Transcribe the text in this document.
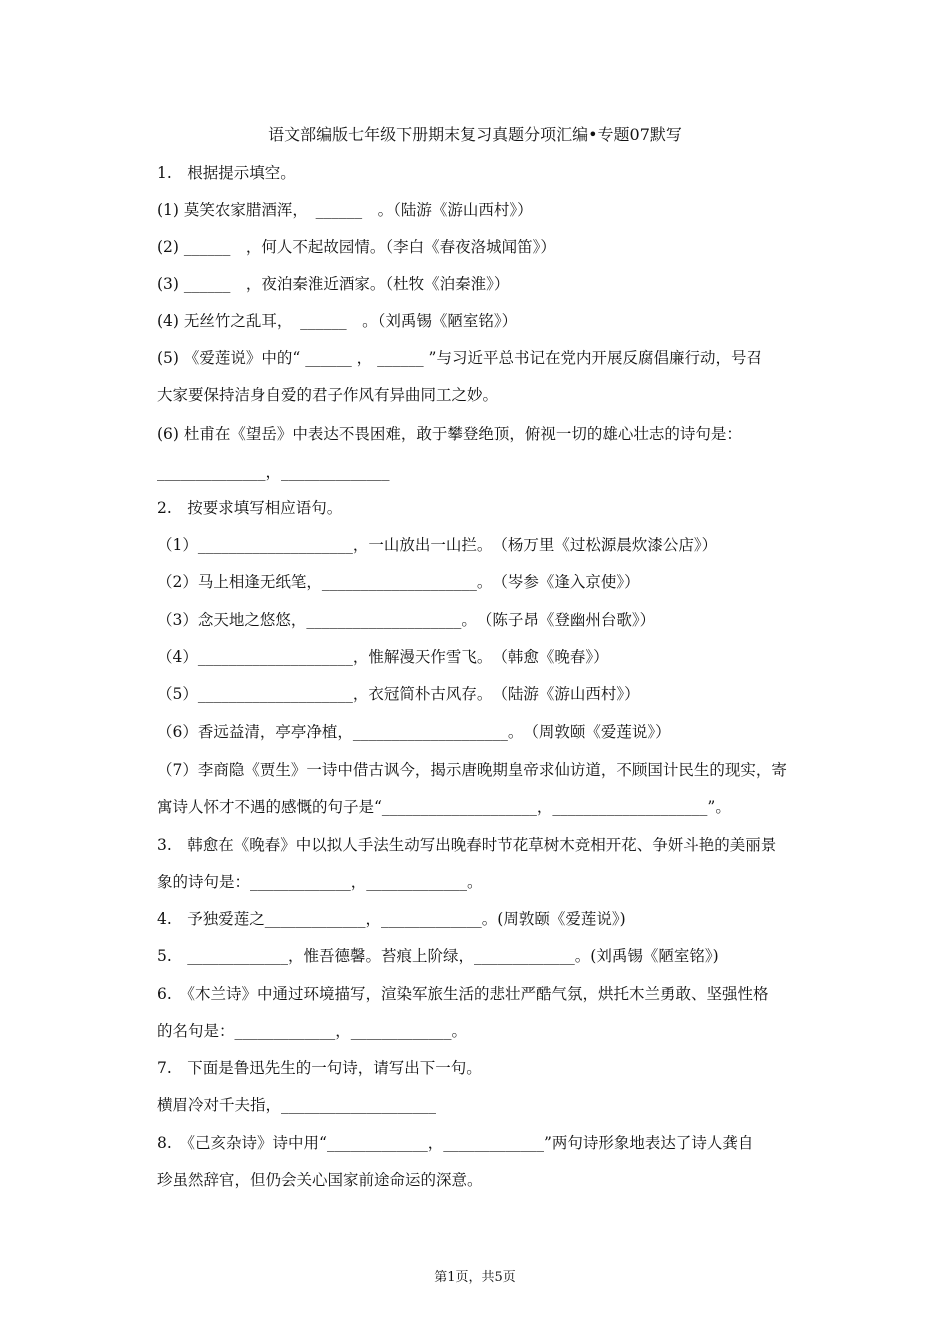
语文部编版七年级下册期末复习真题分项汇编•专题07默写
1.　根据提示填空。
(1) 莫笑农家腊酒浑，　______　。（陆游《游山西村》）
(2) ______　，何人不起故园情。（李白《春夜洛城闻笛》）
(3) ______　，夜泊秦淮近酒家。（杜牧《泊秦淮》）
(4) 无丝竹之乱耳，　______　。（刘禹锡《陋室铭》）
(5) 《爱莲说》中的“ ______ ， ______ ”与习近平总书记在党内开展反腐倡廉行动，号召
大家要保持洁身自爱的君子作风有异曲同工之妙。
(6) 杜甫在《望岳》中表达不畏困难，敢于攀登绝顶，俯视一切的雄心壮志的诗句是：
______________，______________
2.　按要求填写相应语句。
（1）____________________，一山放出一山拦。　（杨万里《过松源晨炊漆公店》）
（2）马上相逢无纸笔，____________________。　（岑参《逢入京使》）
（3）念天地之悠悠，____________________。　（陈子昂《登幽州台歌》）
（4）____________________，惟解漫天作雪飞。　（韩愈《晚春》）
（5）____________________，衣冠简朴古风存。　（陆游《游山西村》）
（6）香远益清，亭亭净植，____________________。　（周敦颐《爱莲说》）
（7）李商隐《贾生》一诗中借古讽今，揭示唐晚期皇帝求仙访道，不顾国计民生的现实，寄
寓诗人怀才不遇的感慨的句子是“____________________，____________________”。
3.　韩愈在《晚春》中以拟人手法生动写出晚春时节花草树木竞相开花、争妍斗艳的美丽景
象的诗句是：_____________，_____________。
4.　予独爱莲之_____________，_____________。(周敦颐《爱莲说》)
5.　_____________，惟吾德馨。苔痕上阶绿，_____________。(刘禹锡《陋室铭》)
6.　《木兰诗》中通过环境描写，渲染军旅生活的悲壮严酷气氛，烘托木兰勇敢、坚强性格
的名句是：_____________，_____________。
7.　下面是鲁迅先生的一句诗，请写出下一句。
横眉冷对千夫指，____________________
8.　《己亥杂诗》诗中用“_____________，_____________”两句诗形象地表达了诗人龚自
珍虽然辞官，但仍会关心国家前途命运的深意。
第1页，共5页
